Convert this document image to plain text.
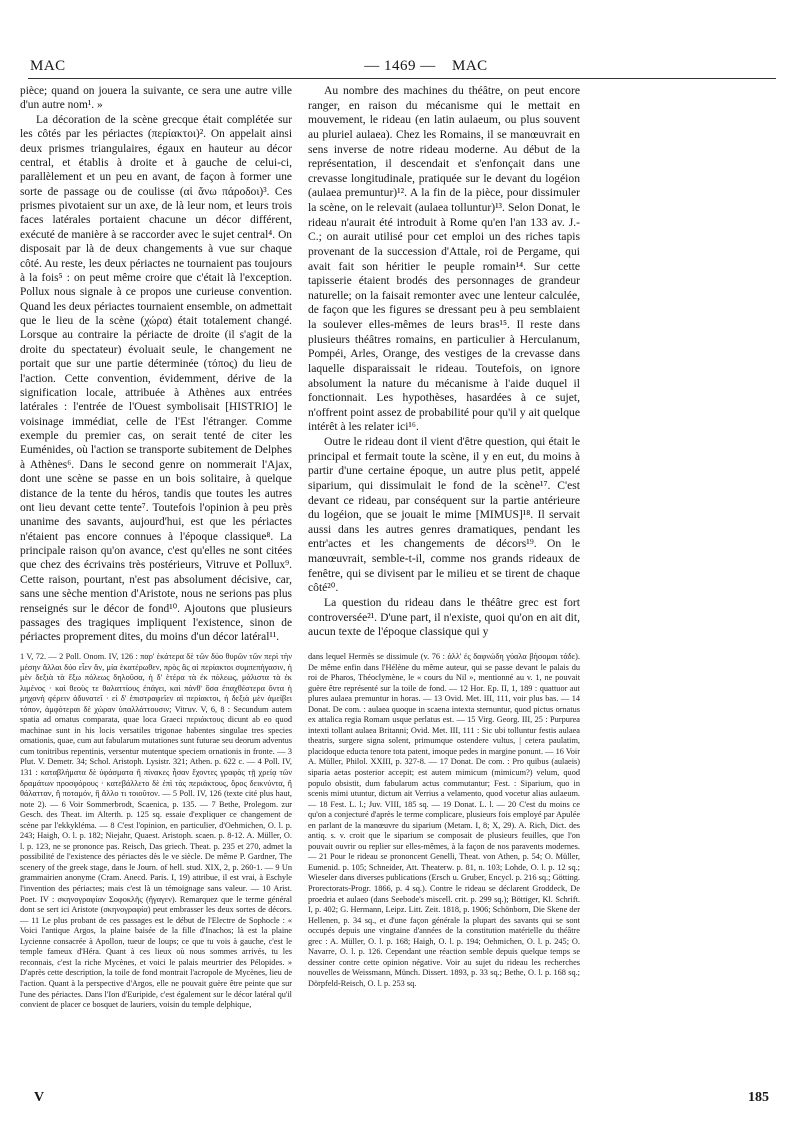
MAC	— 1469 —	MAC

pièce; quand on jouera la suivante, ce sera une autre ville d'un autre nom¹. »

La décoration de la scène grecque était complétée sur les côtés par les périactes (περίακτοι)². On appelait ainsi deux prismes triangulaires, égaux en hauteur au décor central, et établis à droite et à gauche de celui-ci, parallèlement et un peu en avant, de façon à former une sorte de passage ou de coulisse (αἱ ἄνω πάροδοι)³. Ces prismes pivotaient sur un axe, de là leur nom, et leurs trois faces latérales portaient chacune un décor différent, exécuté de manière à se raccorder avec le sujet central⁴. On disposait par là de deux changements à vue sur chaque côté. Au reste, les deux périactes ne tournaient pas toujours à la fois⁵ : on peut même croire que c'était là l'exception. Pollux nous signale à ce propos une curieuse convention. Quand les deux périactes tournaient ensemble, on admettait que le lieu de la scène (χώρα) était totalement changé. Lorsque au contraire la périacte de droite (il s'agit de la droite du spectateur) évoluait seule, le changement ne portait que sur une partie déterminée (τόπος) du lieu de l'action. Cette convention, évidemment, dérive de la signification locale, attribuée à Athènes aux entrées latérales : l'entrée de l'Ouest symbolisait [HISTRIO] le voisinage immédiat, celle de l'Est l'étranger. Comme exemple du premier cas, on serait tenté de citer les Euménides, où l'action se transporte subitement de Delphes à Athènes⁶. Dans le second genre on nommerait l'Ajax, dont une scène se passe en un bois solitaire, à quelque distance de la tente du héros, tandis que toutes les autres ont lieu devant cette tente⁷. Toutefois l'opinion à peu près unanime des savants, aujourd'hui, est que les périactes n'étaient pas encore connues à l'époque classique⁸. La principale raison qu'on avance, c'est qu'elles ne sont citées que chez des écrivains très postérieurs, Vitruve et Pollux⁹. Cette raison, pourtant, n'est pas absolument décisive, car, sans une sèche mention d'Aristote, nous ne serions pas plus renseignés sur le décor de fond¹⁰. Ajoutons que plusieurs passages des tragiques impliquent l'existence, sinon de périactes proprement dites, du moins d'un décor latéral¹¹.

Au nombre des machines du théâtre, on peut encore ranger, en raison du mécanisme qui le mettait en mouvement, le rideau (en latin aulaeum, ou plus souvent au pluriel aulaea). Chez les Romains, il se manœuvrait en sens inverse de notre rideau moderne. Au début de la représentation, il descendait et s'enfonçait dans une crevasse longitudinale, pratiquée sur le devant du logéion (aulaea premuntur)¹². A la fin de la pièce, pour dissimuler la scène, on le relevait (aulaea tolluntur)¹³. Selon Donat, le rideau n'aurait été introduit à Rome qu'en l'an 133 av. J.-C.; on aurait utilisé pour cet emploi un des riches tapis provenant de la succession d'Attale, roi de Pergame, qui avait fait son héritier le peuple romain¹⁴. Sur cette tapisserie étaient brodés des personnages de grandeur naturelle; on la faisait remonter avec une lenteur calculée, de façon que les figures se dressant peu à peu semblaient la soulever elles-mêmes de leurs bras¹⁵. Il reste dans plusieurs théâtres romains, en particulier à Herculanum, Pompéi, Arles, Orange, des vestiges de la crevasse dans laquelle disparaissait le rideau. Toutefois, on ignore absolument la nature du mécanisme à l'aide duquel il fonctionnait. Les hypothèses, hasardées à ce sujet, n'offrent point assez de probabilité pour qu'il y ait quelque intérêt à les relater ici¹⁶.

Outre le rideau dont il vient d'être question, qui était le principal et fermait toute la scène, il y en eut, du moins à partir d'une certaine époque, un autre plus petit, appelé siparium, qui dissimulait le fond de la scène¹⁷. C'est devant ce rideau, par conséquent sur la partie antérieure du logéion, que se jouait le mime [MIMUS]¹⁸. Il servait aussi dans les autres genres dramatiques, pendant les entr'actes et les changements de décors¹⁹. On le manœuvrait, semble-t-il, comme nos grands rideaux de fenêtre, qui se divisent par le milieu et se tirent de chaque côté²⁰.

La question du rideau dans le théâtre grec est fort controversée²¹. D'une part, il n'existe, quoi qu'on en ait dit, aucun texte de l'époque classique qui y

1 V, 72. — 2 Poll. Onom. IV, 126 : παρ' ἑκάτερα δὲ τῶν δύο θυρῶν τῶν περὶ τὴν μέσην ἄλλαι δύο εἶεν ἄν, μία ἑκατέρωθεν, πρὸς ἃς αἱ περίακτοι συμπεπήγασιν, ἡ μὲν δεξιὰ τὰ ἔξω πόλεως δηλοῦσα, ἡ δ' ἑτέρα τὰ ἐκ πόλεως, μάλιστα τὰ ἐκ λιμένος · καὶ θεοὺς τε θαλαττίους ἐπάγει, καὶ πάνθ' ὅσα ἐπαχθέστερα ὄντα ἡ μηχανὴ φέρειν ἀδυνατεῖ · εἰ δ' ἐπιστραφεῖεν αἱ περίακτοι, ἡ δεξιὰ μὲν ἀμείβει τόπον, ἀμφότεραι δὲ χώραν ὑπαλλάττουσιν; Vitruv. V, 6, 8 : Secundum autem spatia ad ornatus comparata, quae loca Graeci περιάκτους dicunt ab eo quod machinae sunt in his locis versatiles trigonae habentes singulae tres species ornationis, quae, cum aut fabularum mutationes sunt futurae seu deorum adventus cum tonitribus repentinis, versentur mutentque speciem ornationis in fronte. — 3 Plut. V. Demetr. 34; Schol. Aristoph. Lysistr. 321; Athen. p. 622 c. — 4 Poll. IV, 131 : καταβλήματα δὲ ὑφάσματα ἢ πίνακες ἦσαν ἔχοντες γραφὰς τῇ χρείᾳ τῶν δραμάτων προσφόρους · κατεβάλλετο δὲ ἐπὶ τὰς περιάκτους, ὄρος δεικνύντα, ἢ θάλατταν, ἢ ποταμόν, ἢ ἄλλο τι τοιοῦτον. — 5 Poll. IV, 126 (texte cité plus haut, note 2). — 6 Voir Sommerbrodt, Scaenica, p. 135. — 7 Bethe, Prolegom. zur Gesch. des Theat. im Alterth. p. 125 sq. essaie d'expliquer ce changement de scène par l'ekkykléma. — 8 C'est l'opinion, en particulier, d'Oehmichen, O. l. p. 243; Haigh, O. l. p. 182; Niejahr, Quaest. Aristoph. scaen. p. 8-12. A. Müller, O. l. p. 123, ne se prononce pas. Reisch, Das griech. Theat. p. 235 et 270, admet la possibilité de l'existence des périactes dès le ve siècle. De même P. Gardner, The scenery of the greek stage, dans le Journ. of hell. stud. XIX, 2, p. 260-1. — 9 Un grammairien anonyme (Cram. Anecd. Paris. I, 19) attribue, il est vrai, à Eschyle l'invention des périactes; mais c'est là un témoignage sans valeur. — 10 Arist. Poet. IV : σκηνογραφίαν Σοφοκλῆς (ἤγαγεν). Remarquez que le terme général dont se sert ici Aristote (σκηνογραφία) peut embrasser les deux sortes de décors. — 11 Le plus probant de ces passages est le début de l'Electre de Sophocle : « Voici l'antique Argos, la plaine baisée de la fille d'Inachos; là est la plaine Lycienne consacrée à Apollon, tueur de loups; ce que tu vois à gauche, c'est le temple fameux d'Héra. Quant à ces lieux où nous sommes arrivés, tu les reconnais, c'est la riche Mycènes, et voici le palais meurtrier des Pélopides. » D'après cette description, la toile de fond montrait l'acropole de Mycènes, lieu de l'action. Quant à la perspective d'Argos, elle ne pouvait guère être peinte que sur l'une des périactes. Dans l'Ion d'Euripide, c'est également sur le décor latéral qu'il convient de placer ce bosquet de lauriers, voisin du temple delphique,
dans lequel Hermès se dissimule (v. 76 : ἀλλ' ἐς δαφνώδη γύαλα βήσομαι τάδε). De même enfin dans l'Hélène du même auteur, qui se passe devant le palais du roi de Pharos, Théoclymène, le « cours du Nil », mentionné au v. 1, ne pouvait guère être représenté sur la toile de fond. — 12 Hor. Ep. II, 1, 189 : quattuor aut plures aulaea premuntur in horas. — 13 Ovid. Met. III, 111, voir plus bas. — 14 Donat. De com. : aulaea quoque in scaena intexta sternuntur, quod pictus ornatus ex attalica regia Romam usque perlatus est. — 15 Virg. Georg. III, 25 : Purpurea intexti tollant aulaea Britanni; Ovid. Met. III, 111 : Sic ubi tolluntur festis aulaea theatris, surgere signa solent, primumque ostendere vultus, | cetera paulatim, placidoque educta tenore tota patent, imoque pedes in margine ponunt. — 16 Voir A. Müller, Philol. XXIII, p. 327-8. — 17 Donat. De com. : Pro quibus (aulaeis) siparia aetas posterior accepit; est autem mimicum (mimicum?) velum, quod populo obsistit, dum fabularum actus commutantur; Fest. : Siparium, quo in scenis mimi utuntur, dictum ait Verrius a velamento, quod vocetur alias aulaeum. — 18 Fest. L. l.; Juv. VIII, 185 sq. — 19 Donat. L. l. — 20 C'est du moins ce qu'on a conjecturé d'après le terme complicare, plusieurs fois employé par Apulée en parlant de la manœuvre du siparium (Metam. I, 8; X, 29). A. Rich, Dict. des antiq. s. v. croit que le siparium se composait de plusieurs feuilles, que l'on pouvait ouvrir ou replier sur elles-mêmes, à la façon de nos paravents modernes. — 21 Pour le rideau se prononcent Genelli, Theat. von Athen, p. 54; O. Müller, Eumenid. p. 105; Schneider, Att. Theaterw. p. 81, n. 103; Lohde, O. l. p. 12 sq.; Wieseler dans diverses publications (Ersch u. Gruber, Encycl. p. 216 sq.; Götting. Prorectorats-Progr. 1866, p. 4 sq.). Contre le rideau se déclarent Groddeck, De proedria et aulaeo (dans Seebode's miscell. crit. p. 299 sq.); Böttiger, Kl. Schrift. I, p. 402; G. Hermann, Leipz. Litt. Zeit. 1818, p. 1906; Schönborn, Die Skene der Hellenen, p. 34 sq., et d'une façon générale la plupart des savants qui se sont occupés depuis une vingtaine d'années de la constitution matérielle du théâtre grec : A. Müller, O. l. p. 168; Haigh, O. l. p. 194; Oehmichen, O. l. p. 245; O. Navarre, O. l. p. 126. Cependant une réaction semble depuis quelque temps se dessiner contre cette opinion négative. Voir au sujet du rideau les recherches nouvelles de Weissmann, Münch. Dissert. 1893, p. 33 sq.; Bethe, O. l. p. 168 sq.; Dörpfeld-Reisch, O. l. p. 253 sq.
V	185
